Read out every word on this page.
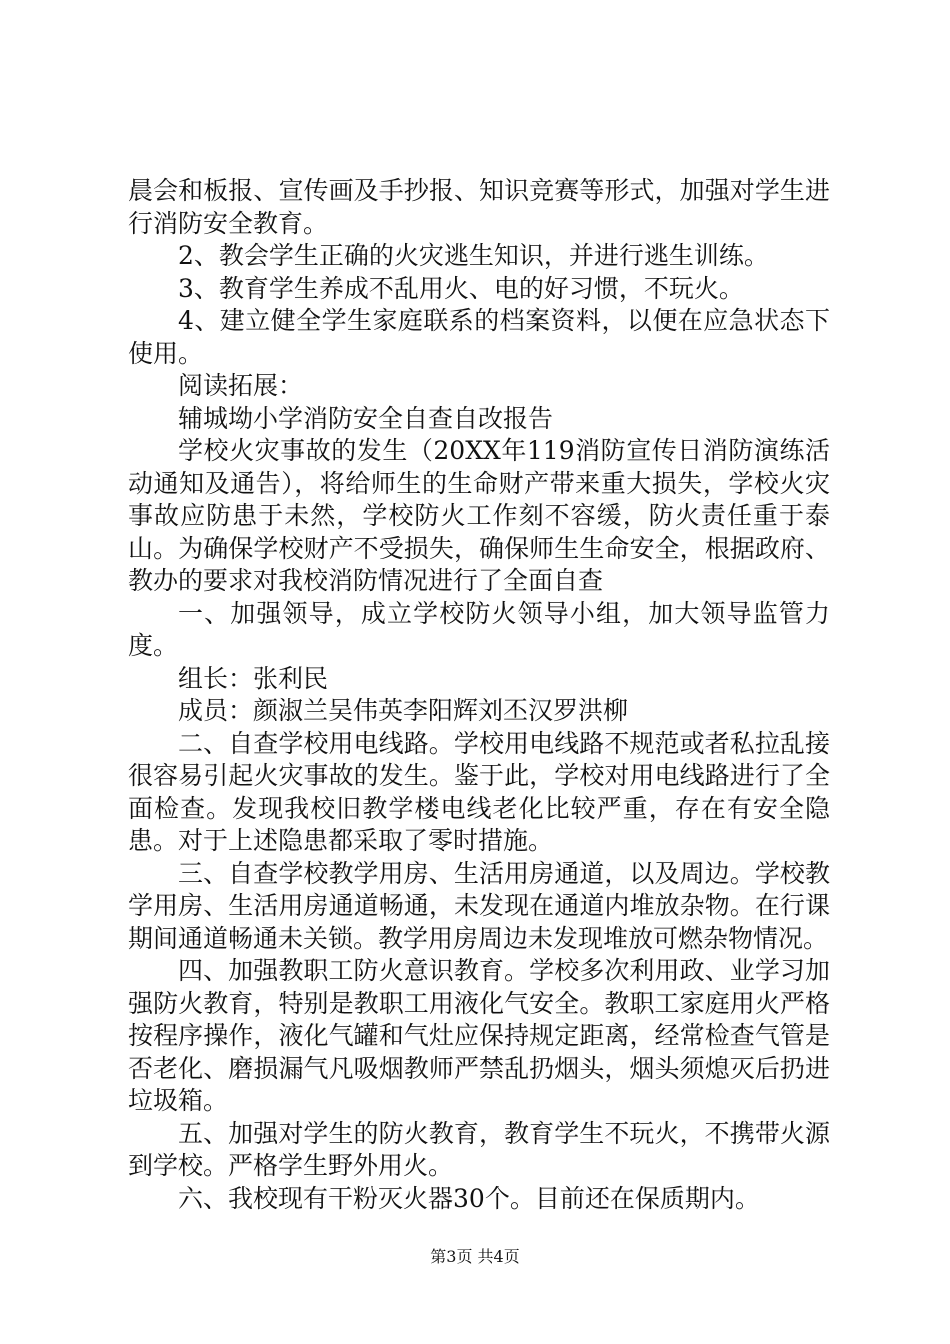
晨会和板报、宣传画及手抄报、知识竞赛等形式，加强对学生进行消防安全教育。

2、教会学生正确的火灾逃生知识，并进行逃生训练。

3、教育学生养成不乱用火、电的好习惯，不玩火。

4、建立健全学生家庭联系的档案资料，以便在应急状态下使用。

阅读拓展：

辅城坳小学消防安全自查自改报告

学校火灾事故的发生（20XX年119消防宣传日消防演练活动通知及通告），将给师生的生命财产带来重大损失，学校火灾事故应防患于未然，学校防火工作刻不容缓，防火责任重于泰山。为确保学校财产不受损失，确保师生生命安全，根据政府、教办的要求对我校消防情况进行了全面自查

一、加强领导，成立学校防火领导小组，加大领导监管力度。

组长：张利民

成员：颜淑兰吴伟英李阳辉刘丕汉罗洪柳

二、自查学校用电线路。学校用电线路不规范或者私拉乱接很容易引起火灾事故的发生。鉴于此，学校对用电线路进行了全面检查。发现我校旧教学楼电线老化比较严重，存在有安全隐患。对于上述隐患都采取了零时措施。

三、自查学校教学用房、生活用房通道，以及周边。学校教学用房、生活用房通道畅通，未发现在通道内堆放杂物。在行课期间通道畅通未关锁。教学用房周边未发现堆放可燃杂物情况。

四、加强教职工防火意识教育。学校多次利用政、业学习加强防火教育，特别是教职工用液化气安全。教职工家庭用火严格按程序操作，液化气罐和气灶应保持规定距离，经常检查气管是否老化、磨损漏气凡吸烟教师严禁乱扔烟头，烟头须熄灭后扔进垃圾箱。

五、加强对学生的防火教育，教育学生不玩火，不携带火源到学校。严格学生野外用火。

六、我校现有干粉灭火器30个。目前还在保质期内。

第3页 共4页
